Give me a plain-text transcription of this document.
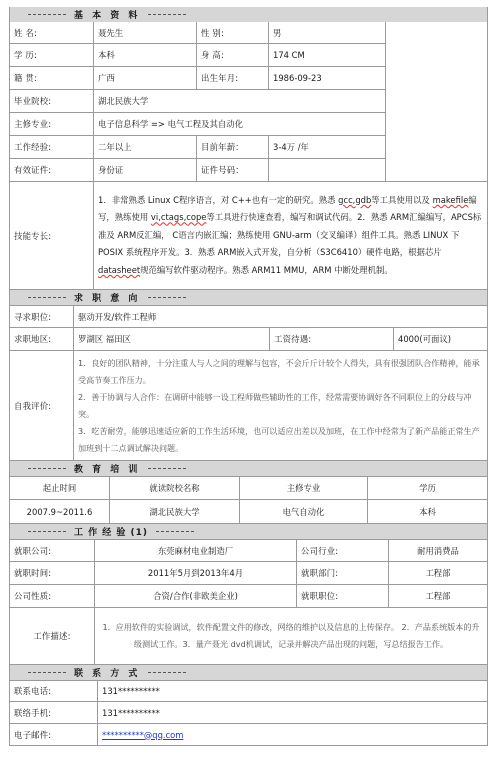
基 本 资 料
姓 名:	聂先生	性 别:	男
学 历:	本科	身 高:	174 CM
籍 贯:	广西	出生年月:	1986-09-23
毕业院校:	湖北民族大学
主修专业:	电子信息科学 => 电气工程及其自动化
工作经验:	二年以上	目前年薪：	3-4万 /年
有效证件:	身份证	证件号码：
技能专长:
1．非常熟悉 Linux C程序语言，对 C++也有一定的研究。熟悉 gcc,gdb等工具使用以及 makefile编写，熟练使用 vi,ctags,cope等工具进行快速查看，编写和调试代码。2．熟悉 ARM汇编编写，APCS标准及 ARM反汇编， C语言内嵌汇编；熟练使用 GNU-arm（交叉编译）组件工具。熟悉 LINUX 下 POSIX 系统程序开发。3．熟悉 ARM嵌入式开发，自分析（S3C6410）硬件电路，根据芯片 datasheet规范编写软件驱动程序。熟悉 ARM11 MMU，ARM 中断处理机制。
求 职 意 向
寻求职位:	驱动开发/软件工程师
求职地区:	罗湖区 福田区	工资待遇:	4000(可面议)
自我评价:
1．良好的团队精神，十分注重人与人之间的理解与包容，不会斤斤计较个人得失，具有很强团队合作精神，能承受高节奏工作压力。
2．善于协调与人合作：在调研中能够一设工程师做些辅助性的工作，经常需要协调好各不同职位上的分歧与冲突。
3．吃苦耐劳，能够迅速适应新的工作生活环境，也可以适应出差以及加班，在工作中经常为了新产品能正常生产加班到十二点调试解决问题。
教 育 培 训
起止时间	就读院校名称	主修专业	学历
2007.9~2011.6	湖北民族大学	电气自动化	本科
工 作 经 验 (1)
就职公司:	东莞麻材电业制造厂	公司行业:	耐用消费品
就职时间:	2011年5月到2013年4月	就职部门:	工程部
公司性质:	合资/合作(非欧美企业)	就职职位:	工程部
工作描述:
1．应用软件的实验调试，软件配置文件的修改，网络的维护以及信息的上传保存。 2．产品系统版本的升级测试工作。3．量产聂光 dvd机调试，记录并解决产品出现的问题，写总结报告工作。
联 系 方 式
联系电话:	131**********
联络手机:	131**********
电子邮件:	**********@qq.com
